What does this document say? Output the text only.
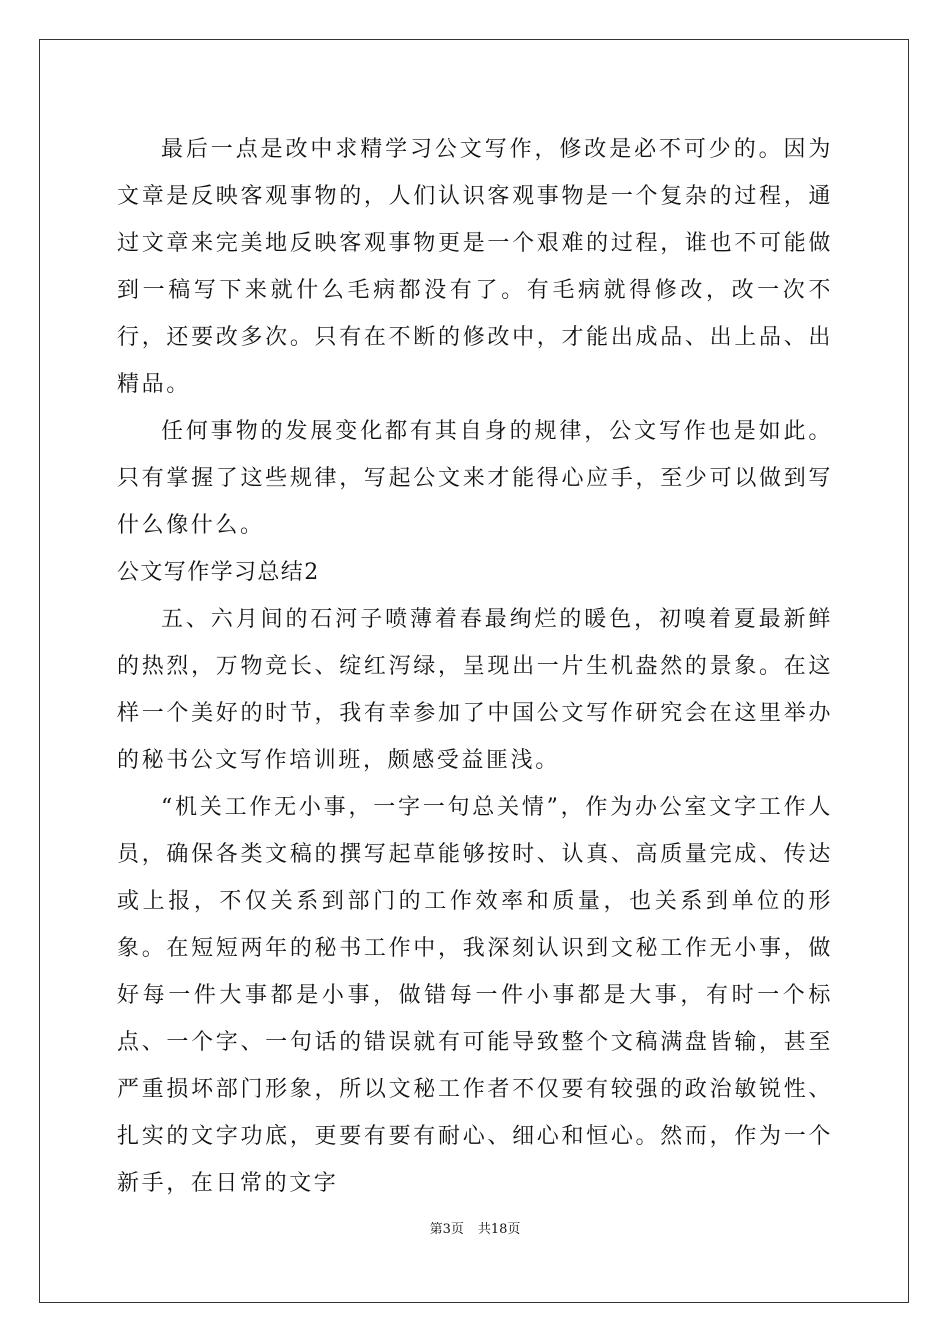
最后一点是改中求精学习公文写作，修改是必不可少的。因为文章是反映客观事物的，人们认识客观事物是一个复杂的过程，通过文章来完美地反映客观事物更是一个艰难的过程，谁也不可能做到一稿写下来就什么毛病都没有了。有毛病就得修改，改一次不行，还要改多次。只有在不断的修改中，才能出成品、出上品、出精品。

任何事物的发展变化都有其自身的规律，公文写作也是如此。只有掌握了这些规律，写起公文来才能得心应手，至少可以做到写什么像什么。

公文写作学习总结2

五、六月间的石河子喷薄着春最绚烂的暖色，初嗅着夏最新鲜的热烈，万物竞长、绽红泻绿，呈现出一片生机盎然的景象。在这样一个美好的时节，我有幸参加了中国公文写作研究会在这里举办的秘书公文写作培训班，颇感受益匪浅。

“机关工作无小事，一字一句总关情”，作为办公室文字工作人员，确保各类文稿的撰写起草能够按时、认真、高质量完成、传达或上报，不仅关系到部门的工作效率和质量，也关系到单位的形象。在短短两年的秘书工作中，我深刻认识到文秘工作无小事，做好每一件大事都是小事，做错每一件小事都是大事，有时一个标点、一个字、一句话的错误就有可能导致整个文稿满盘皆输，甚至严重损坏部门形象，所以文秘工作者不仅要有较强的政治敏锐性、扎实的文字功底，更要有要有耐心、细心和恒心。然而，作为一个新手，在日常的文字

第3页 共18页
